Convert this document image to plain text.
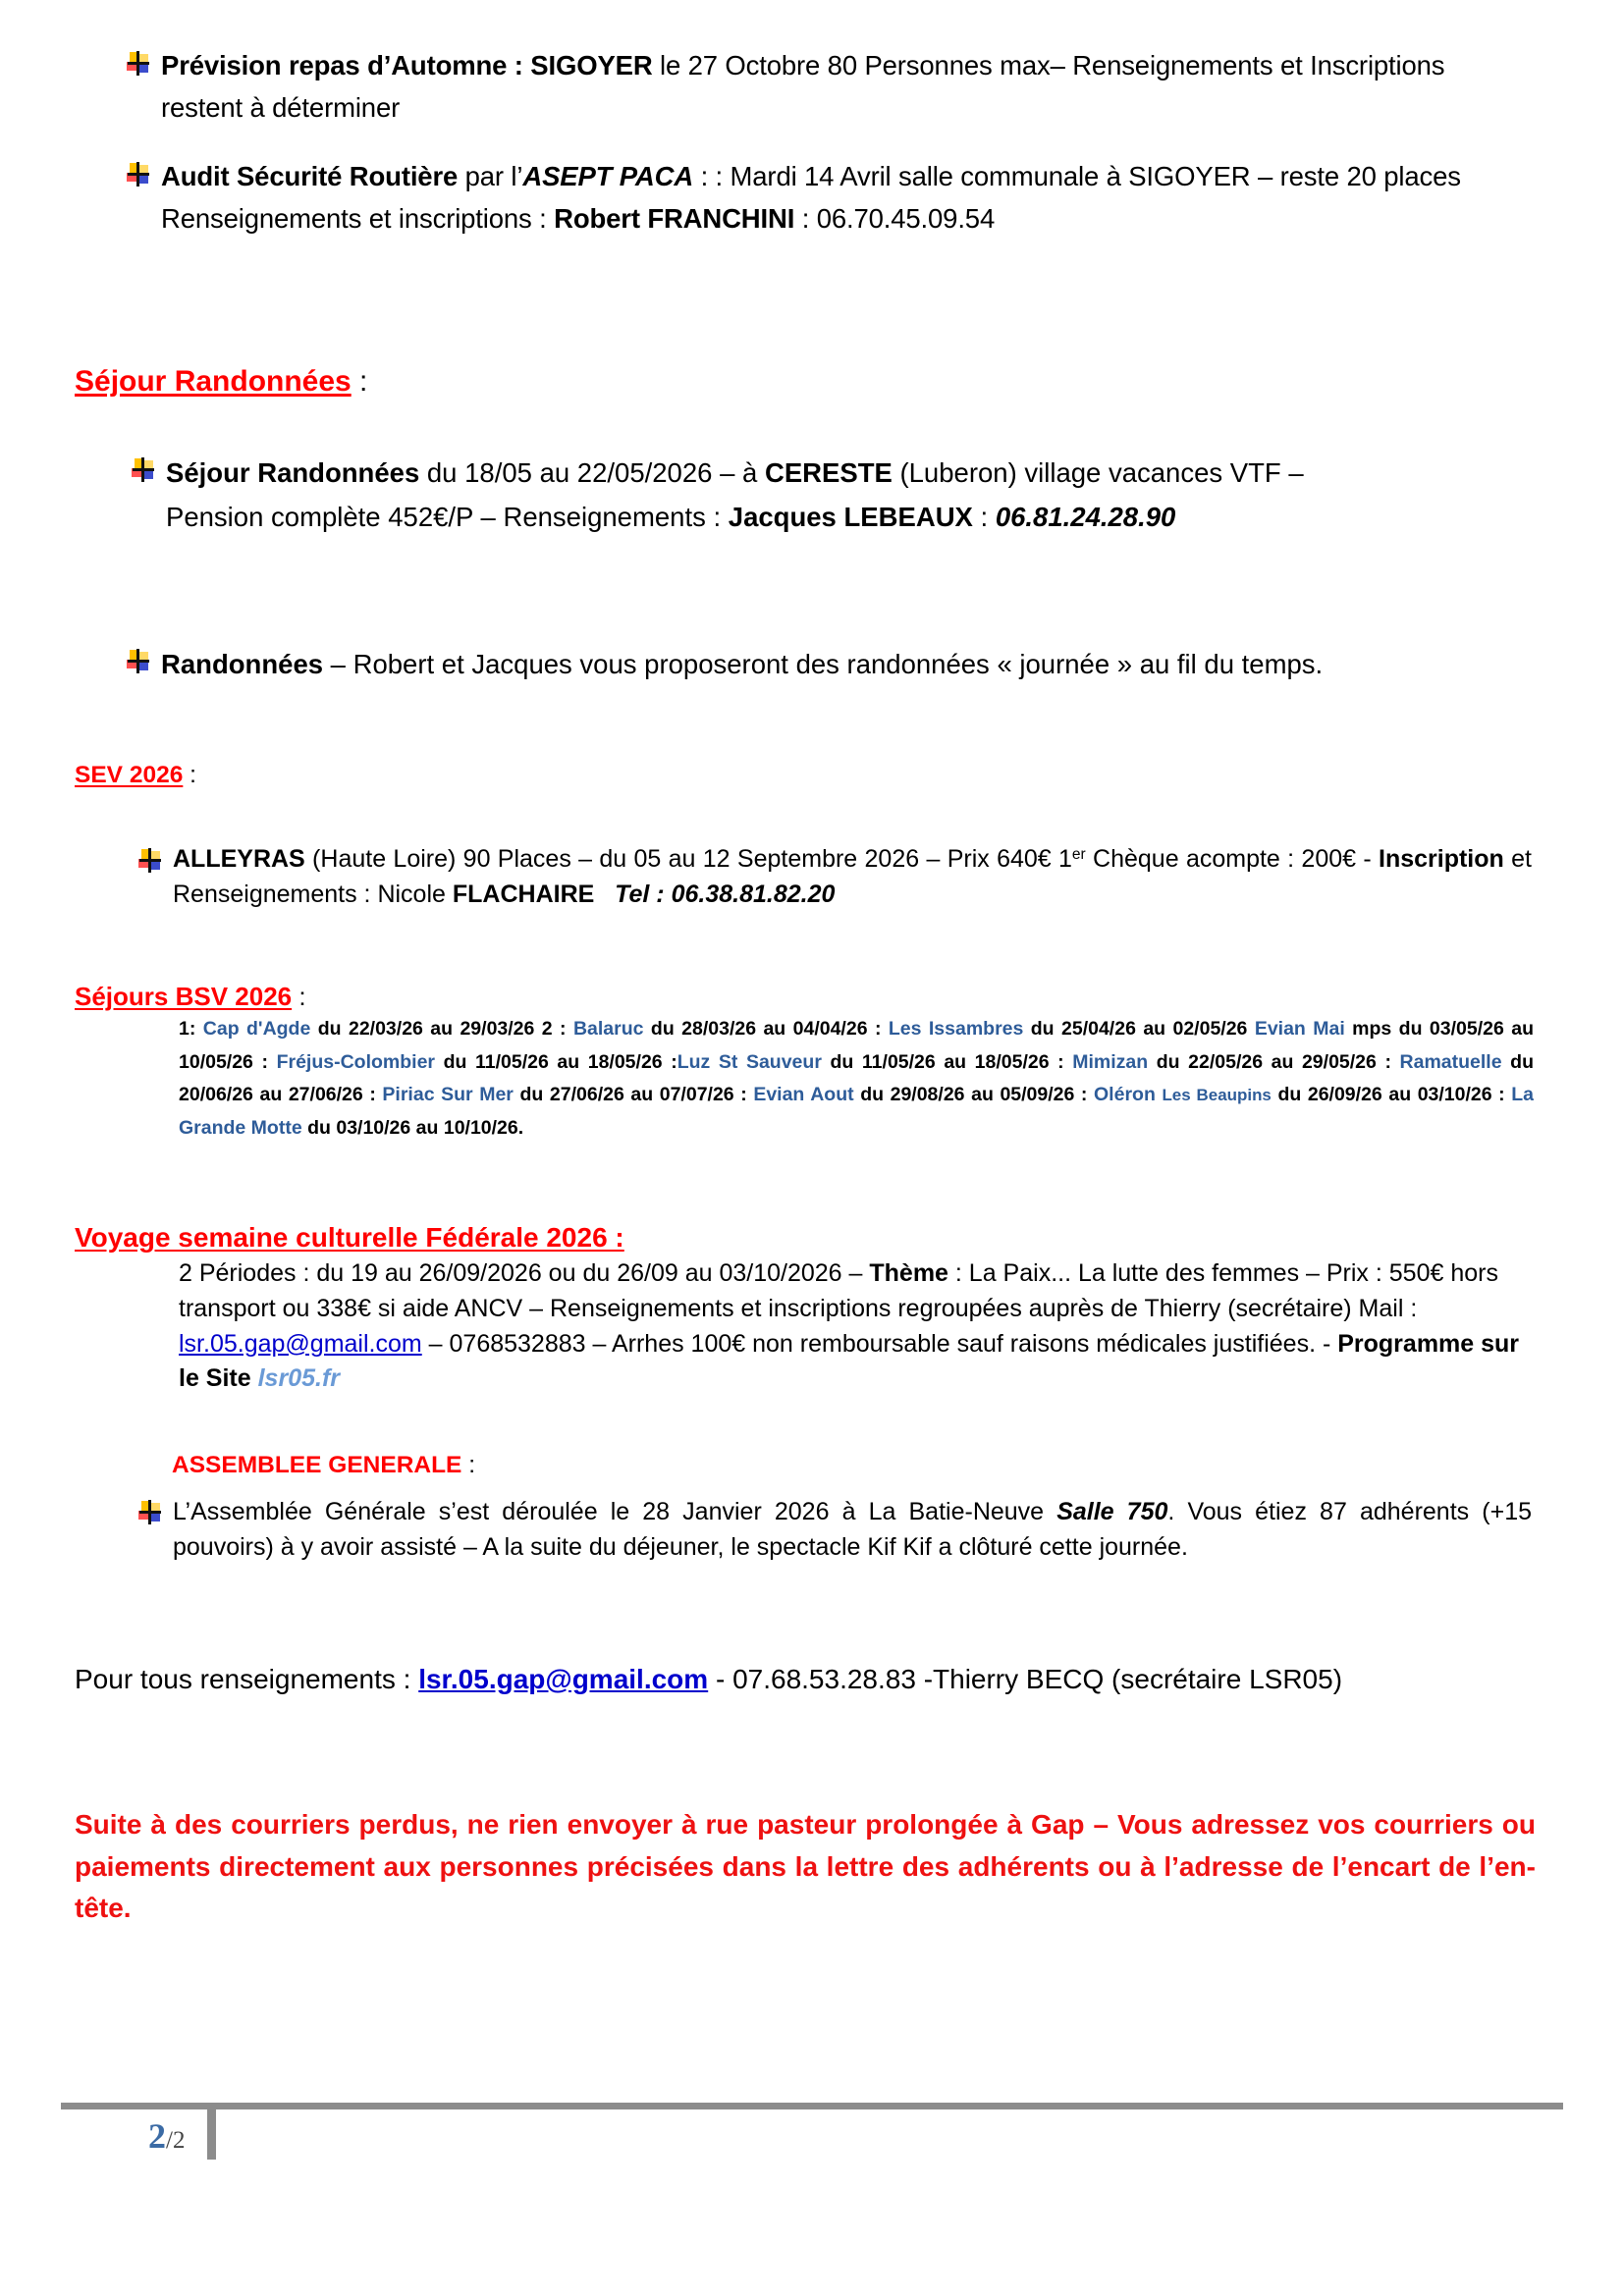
Prévision repas d’Automne : SIGOYER le 27 Octobre 80 Personnes max– Renseignements et Inscriptions restent à déterminer
Audit Sécurité Routière par l’ASEPT PACA : : Mardi 14 Avril salle communale à SIGOYER – reste 20 places Renseignements et inscriptions : Robert FRANCHINI : 06.70.45.09.54
Séjour Randonnées :
Séjour Randonnées du 18/05 au 22/05/2026 – à CERESTE (Luberon) village vacances VTF – Pension complète 452€/P – Renseignements : Jacques LEBEAUX : 06.81.24.28.90
Randonnées – Robert et Jacques vous proposeront des randonnées « journée » au fil du temps.
SEV 2026 :
ALLEYRAS (Haute Loire) 90 Places – du 05 au 12 Septembre 2026 – Prix 640€ 1er Chèque acompte : 200€ - Inscription et Renseignements : Nicole FLACHAIRE Tel : 06.38.81.82.20
Séjours BSV 2026 :
1: Cap d'Agde du 22/03/26 au 29/03/26 2 : Balaruc du 28/03/26 au 04/04/26 : Les Issambres du 25/04/26 au 02/05/26 Evian Mai mps du 03/05/26 au 10/05/26 : Fréjus-Colombier du 11/05/26 au 18/05/26 :Luz St Sauveur du 11/05/26 au 18/05/26 : Mimizan du 22/05/26 au 29/05/26 : Ramatuelle du 20/06/26 au 27/06/26 : Piriac Sur Mer du 27/06/26 au 07/07/26 : Evian Aout du 29/08/26 au 05/09/26 : Oléron Les Beaupins du 26/09/26 au 03/10/26 : La Grande Motte du 03/10/26 au 10/10/26.
Voyage semaine culturelle Fédérale 2026 :
2 Périodes : du 19 au 26/09/2026 ou du 26/09 au 03/10/2026 – Thème : La Paix... La lutte des femmes – Prix : 550€ hors transport ou 338€ si aide ANCV – Renseignements et inscriptions regroupées auprès de Thierry (secrétaire) Mail : lsr.05.gap@gmail.com – 0768532883 – Arrhes 100€ non remboursable sauf raisons médicales justifiées. - Programme sur le Site lsr05.fr
ASSEMBLEE GENERALE :
L’Assemblée Générale s’est déroulée le 28 Janvier 2026 à La Batie-Neuve Salle 750. Vous étiez 87 adhérents (+15 pouvoirs) à y avoir assisté – A la suite du déjeuner, le spectacle Kif Kif a clôturé cette journée.
Pour tous renseignements : lsr.05.gap@gmail.com - 07.68.53.28.83 -Thierry BECQ (secrétaire LSR05)
Suite à des courriers perdus, ne rien envoyer à rue pasteur prolongée à Gap – Vous adressez vos courriers ou paiements directement aux personnes précisées dans la lettre des adhérents ou à l’adresse de l’encart de l’en-tête.
2/2
